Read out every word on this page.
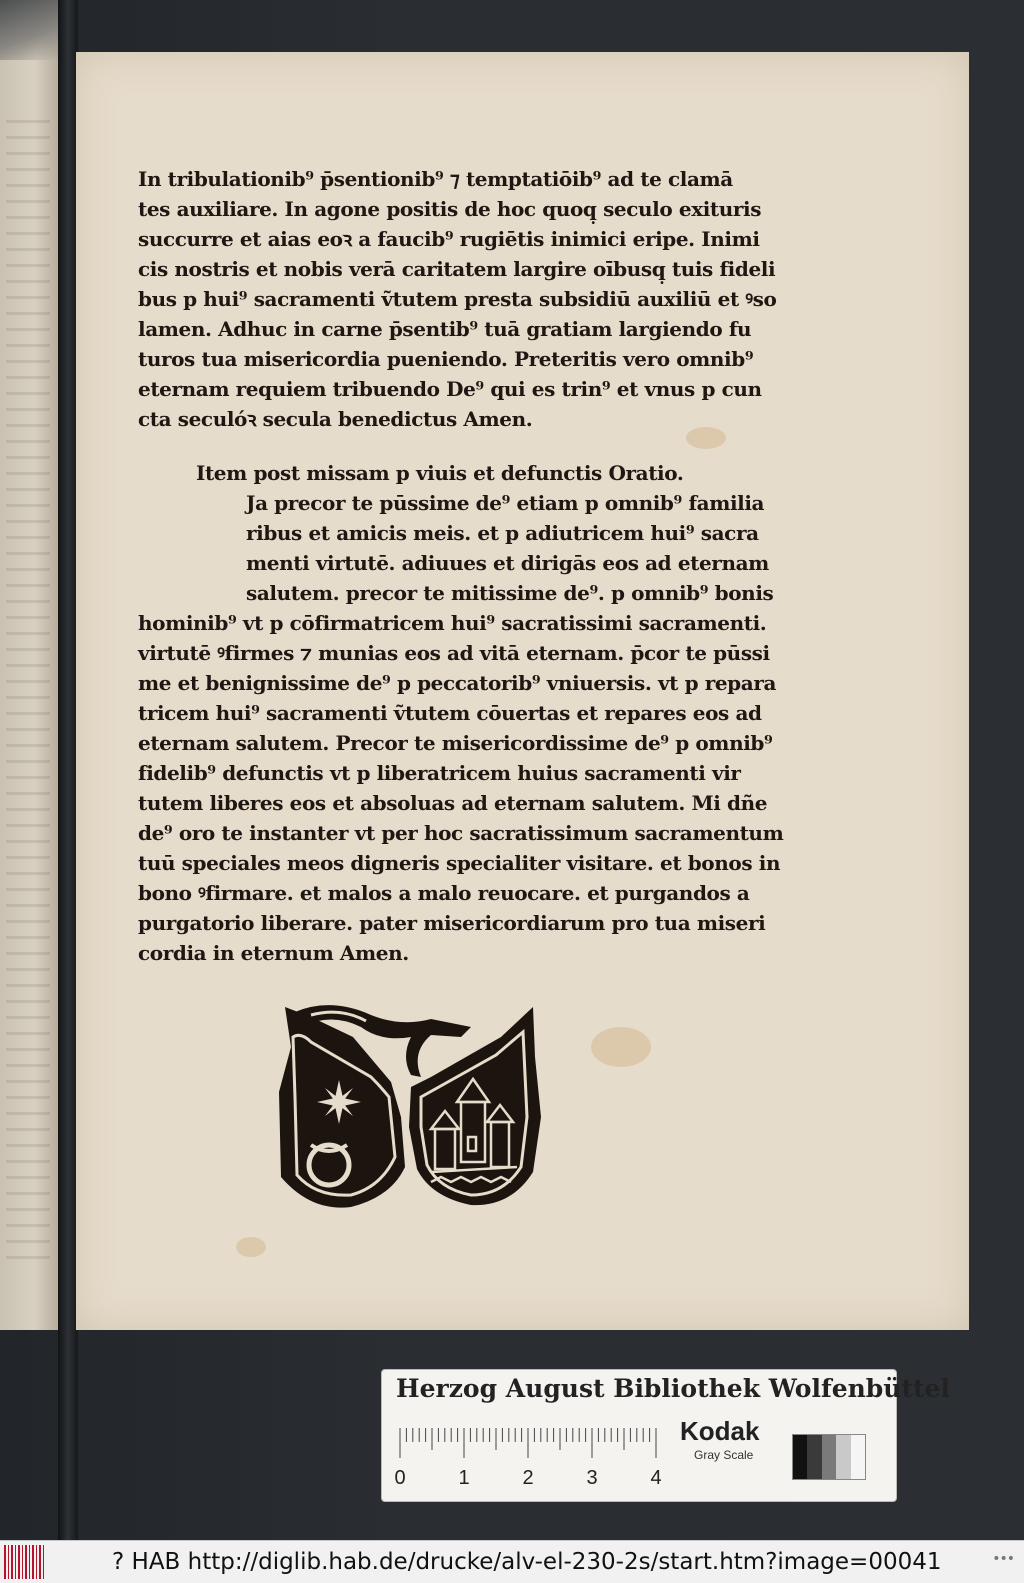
In tribulationib⁹ p̄sentionib⁹ ⁊ temptatiōib⁹ ad te clamā
tes auxiliare. In agone positis de hoc quoq̣ seculo exituris
succurre et aias eoꝛ a faucib⁹ rugiētis inimici eripe. Inimi
cis nostris et nobis verā caritatem largire oībusq̣ tuis fideli
bus p hui⁹ sacramenti ṽtutem presta subsidiū auxiliū et ꝰso
lamen. Adhuc in carne p̄sentib⁹ tuā gratiam largiendo fu
turos tua misericordia pueniendo. Preteritis vero omnib⁹
eternam requiem tribuendo De⁹ qui es trin⁹ et vnus p cun
cta seculóꝛ secula benedictus Amen.
Item post missam p viuis et defunctis Oratio.
Ja precor te pūssime de⁹ etiam p omnib⁹ familia
ribus et amicis meis. et p adiutricem hui⁹ sacra
menti virtutē. adiuues et dirigās eos ad eternam
salutem. precor te mitissime de⁹. p omnib⁹ bonis
hominib⁹ vt p cōfirmatricem hui⁹ sacratissimi sacramenti.
virtutē ꝰfirmes ⁊ munias eos ad vitā eternam. p̄cor te pūssi
me et benignissime de⁹ p peccatorib⁹ vniuersis. vt p repara
tricem hui⁹ sacramenti ṽtutem cōuertas et repares eos ad
eternam salutem. Precor te misericordissime de⁹ p omnib⁹
fidelib⁹ defunctis vt p liberatricem huius sacramenti vir
tutem liberes eos et absoluas ad eternam salutem. Mi dñe
de⁹ oro te instanter vt per hoc sacratissimum sacramentum
tuū speciales meos digneris specialiter visitare. et bonos in
bono ꝰfirmare. et malos a malo reuocare. et purgandos a
purgatorio liberare. pater misericordiarum pro tua miseri
cordia in eternum Amen.
Herzog August Bibliothek Wolfenbüttel
0	1	2	3	4
Kodak
Gray Scale
? HAB http://diglib.hab.de/drucke/alv-el-230-2s/start.htm?image=00041	•••
